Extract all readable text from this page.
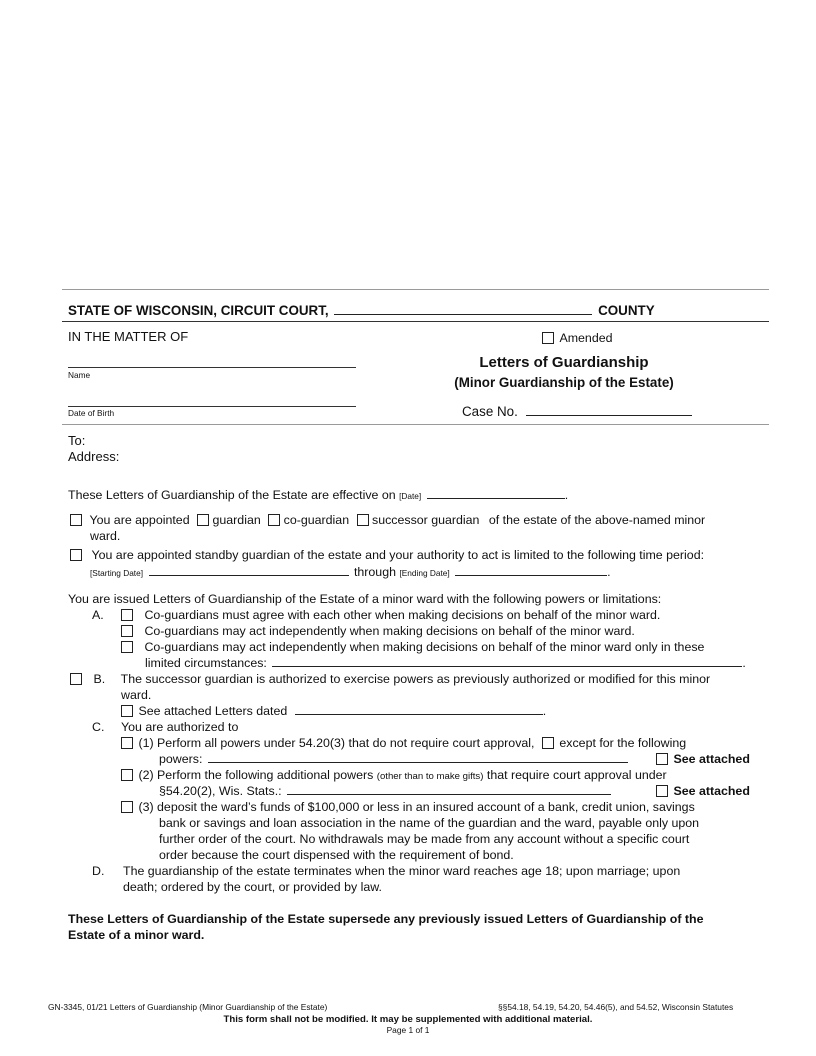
STATE OF WISCONSIN, CIRCUIT COURT,	COUNTY
IN THE MATTER OF	Amended
Name
Date of Birth
Letters of Guardianship
(Minor Guardianship of the Estate)
Case No.
To:
Address:
These Letters of Guardianship of the Estate are effective on [Date]	.
You are appointed guardian co-guardian successor guardian of the estate of the above-named minor
ward.
You are appointed standby guardian of the estate and your authority to act is limited to the following time period:
[Starting Date]	through [Ending Date]	.
You are issued Letters of Guardianship of the Estate of a minor ward with the following powers or limitations:
A.	Co-guardians must agree with each other when making decisions on behalf of the minor ward.
Co-guardians may act independently when making decisions on behalf of the minor ward.
Co-guardians may act independently when making decisions on behalf of the minor ward only in these
limited circumstances:	.
B. The successor guardian is authorized to exercise powers as previously authorized or modified for this minor
ward.
See attached Letters dated	.
C. You are authorized to
(1) Perform all powers under 54.20(3) that do not require court approval, except for the following
powers:	See attached
(2) Perform the following additional powers (other than to make gifts) that require court approval under
§54.20(2), Wis. Stats.:	See attached
(3) deposit the ward’s funds of $100,000 or less in an insured account of a bank, credit union, savings
bank or savings and loan association in the name of the guardian and the ward, payable only upon
further order of the court. No withdrawals may be made from any account without a specific court
order because the court dispensed with the requirement of bond.
D. The guardianship of the estate terminates when the minor ward reaches age 18; upon marriage; upon
death; ordered by the court, or provided by law.
These Letters of Guardianship of the Estate supersede any previously issued Letters of Guardianship of the
Estate of a minor ward.
GN-3345, 01/21 Letters of Guardianship (Minor Guardianship of the Estate)	§§54.18, 54.19, 54.20, 54.46(5), and 54.52, Wisconsin Statutes
This form shall not be modified. It may be supplemented with additional material.
Page 1 of 1
